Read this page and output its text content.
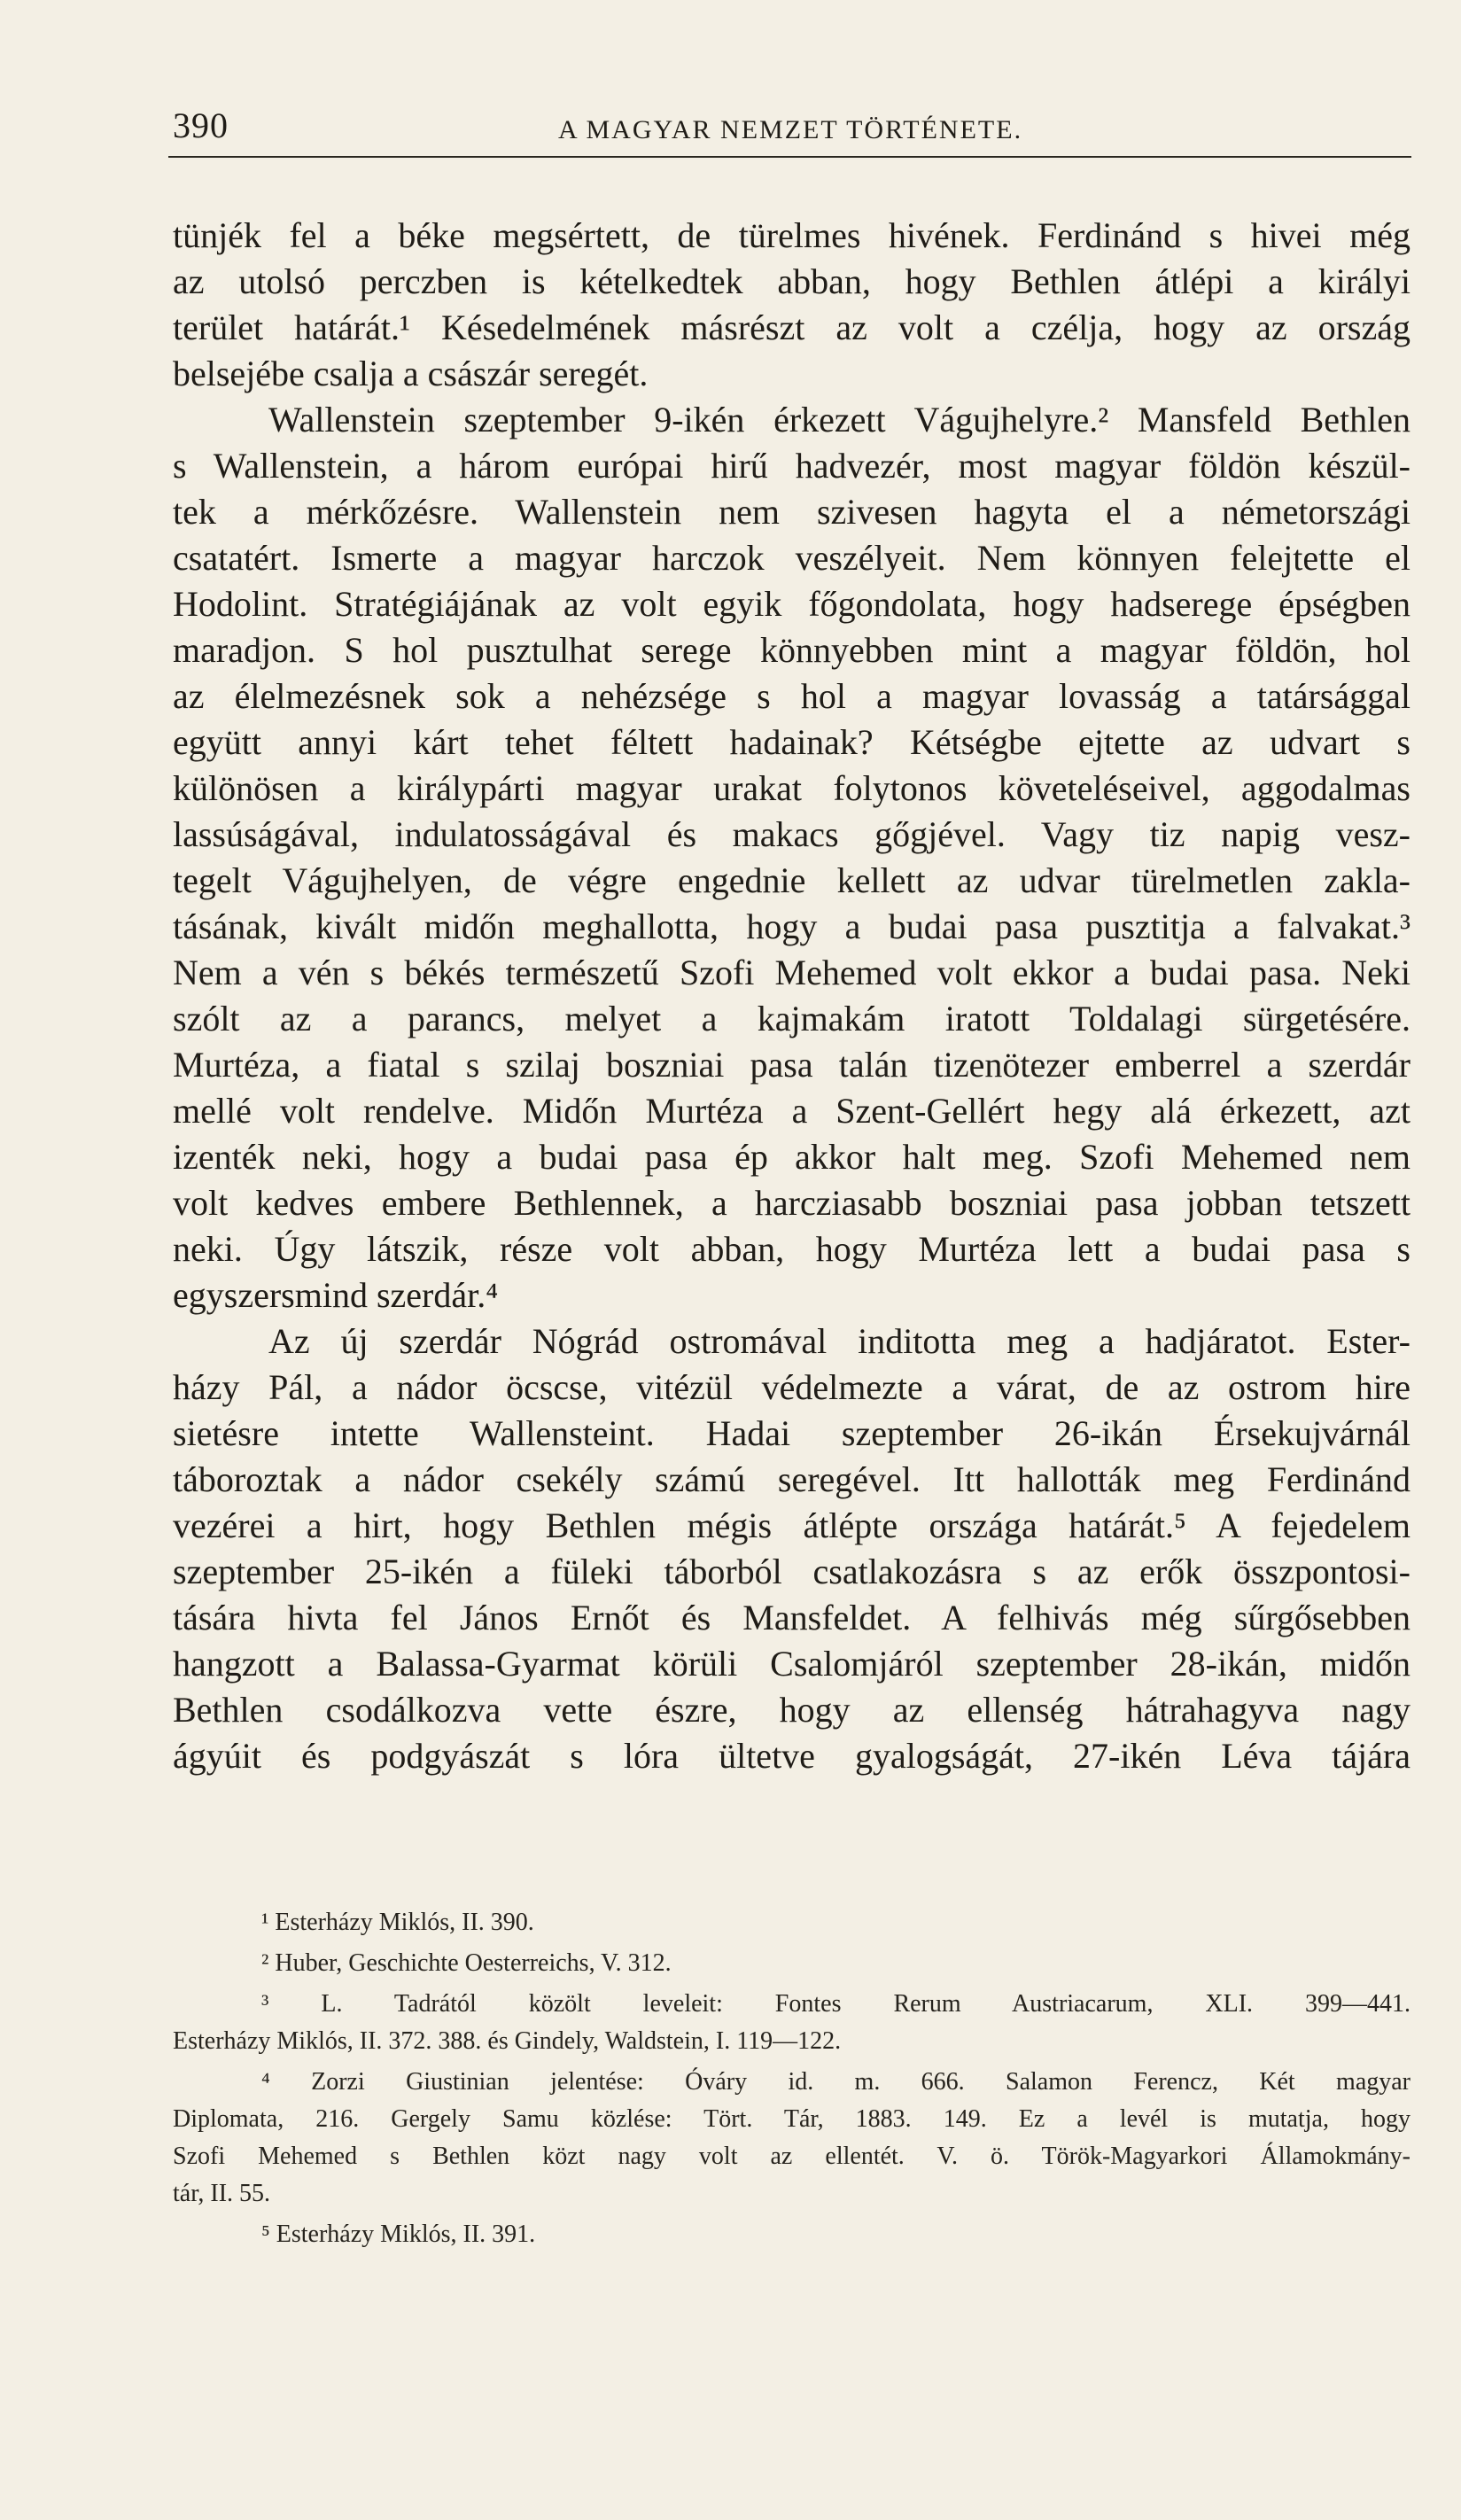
390	A MAGYAR NEMZET TÖRTÉNETE.
tünjék fel a béke megsértett, de türelmes hivének. Ferdinánd s hivei még
az utolsó perczben is kételkedtek abban, hogy Bethlen átlépi a királyi
terület határát.¹ Késedelmének másrészt az volt a czélja, hogy az ország
belsejébe csalja a császár seregét.
Wallenstein szeptember 9-ikén érkezett Vágujhelyre.² Mansfeld Bethlen
s Wallenstein, a három európai hirű hadvezér, most magyar földön készül-
tek a mérkőzésre. Wallenstein nem szivesen hagyta el a németországi
csatatért. Ismerte a magyar harczok veszélyeit. Nem könnyen felejtette el
Hodolint. Stratégiájának az volt egyik főgondolata, hogy hadserege épségben
maradjon. S hol pusztulhat serege könnyebben mint a magyar földön, hol
az élelmezésnek sok a nehézsége s hol a magyar lovasság a tatársággal
együtt annyi kárt tehet féltett hadainak? Kétségbe ejtette az udvart s
különösen a királypárti magyar urakat folytonos követeléseivel, aggodalmas
lassúságával, indulatosságával és makacs gőgjével. Vagy tiz napig vesz-
tegelt Vágujhelyen, de végre engednie kellett az udvar türelmetlen zakla-
tásának, kivált midőn meghallotta, hogy a budai pasa pusztitja a falvakat.³
Nem a vén s békés természetű Szofi Mehemed volt ekkor a budai pasa. Neki
szólt az a parancs, melyet a kajmakám iratott Toldalagi sürgetésére.
Murtéza, a fiatal s szilaj boszniai pasa talán tizenötezer emberrel a szerdár
mellé volt rendelve. Midőn Murtéza a Szent-Gellért hegy alá érkezett, azt
izenték neki, hogy a budai pasa ép akkor halt meg. Szofi Mehemed nem
volt kedves embere Bethlennek, a harcziasabb boszniai pasa jobban tetszett
neki. Úgy látszik, része volt abban, hogy Murtéza lett a budai pasa s
egyszersmind szerdár.⁴
Az új szerdár Nógrád ostromával inditotta meg a hadjáratot. Ester-
házy Pál, a nádor öcscse, vitézül védelmezte a várat, de az ostrom hire
sietésre intette Wallensteint. Hadai szeptember 26-ikán Érsekujvárnál
táboroztak a nádor csekély számú seregével. Itt hallották meg Ferdinánd
vezérei a hirt, hogy Bethlen mégis átlépte országa határát.⁵ A fejedelem
szeptember 25-ikén a füleki táborból csatlakozásra s az erők összpontosi-
tására hivta fel János Ernőt és Mansfeldet. A felhivás még sűrgősebben
hangzott a Balassa-Gyarmat körüli Csalomjáról szeptember 28-ikán, midőn
Bethlen csodálkozva vette észre, hogy az ellenség hátrahagyva nagy
ágyúit és podgyászát s lóra ültetve gyalogságát, 27-ikén Léva tájára
¹ Esterházy Miklós, II. 390.
² Huber, Geschichte Oesterreichs, V. 312.
³ L. Tadrától közölt leveleit: Fontes Rerum Austriacarum, XLI. 399—441.
Esterházy Miklós, II. 372. 388. és Gindely, Waldstein, I. 119—122.
⁴ Zorzi Giustinian jelentése: Óváry id. m. 666. Salamon Ferencz, Két magyar
Diplomata, 216. Gergely Samu közlése: Tört. Tár, 1883. 149. Ez a levél is mutatja, hogy
Szofi Mehemed s Bethlen közt nagy volt az ellentét. V. ö. Török-Magyarkori Államokmány-
tár, II. 55.
⁵ Esterházy Miklós, II. 391.
